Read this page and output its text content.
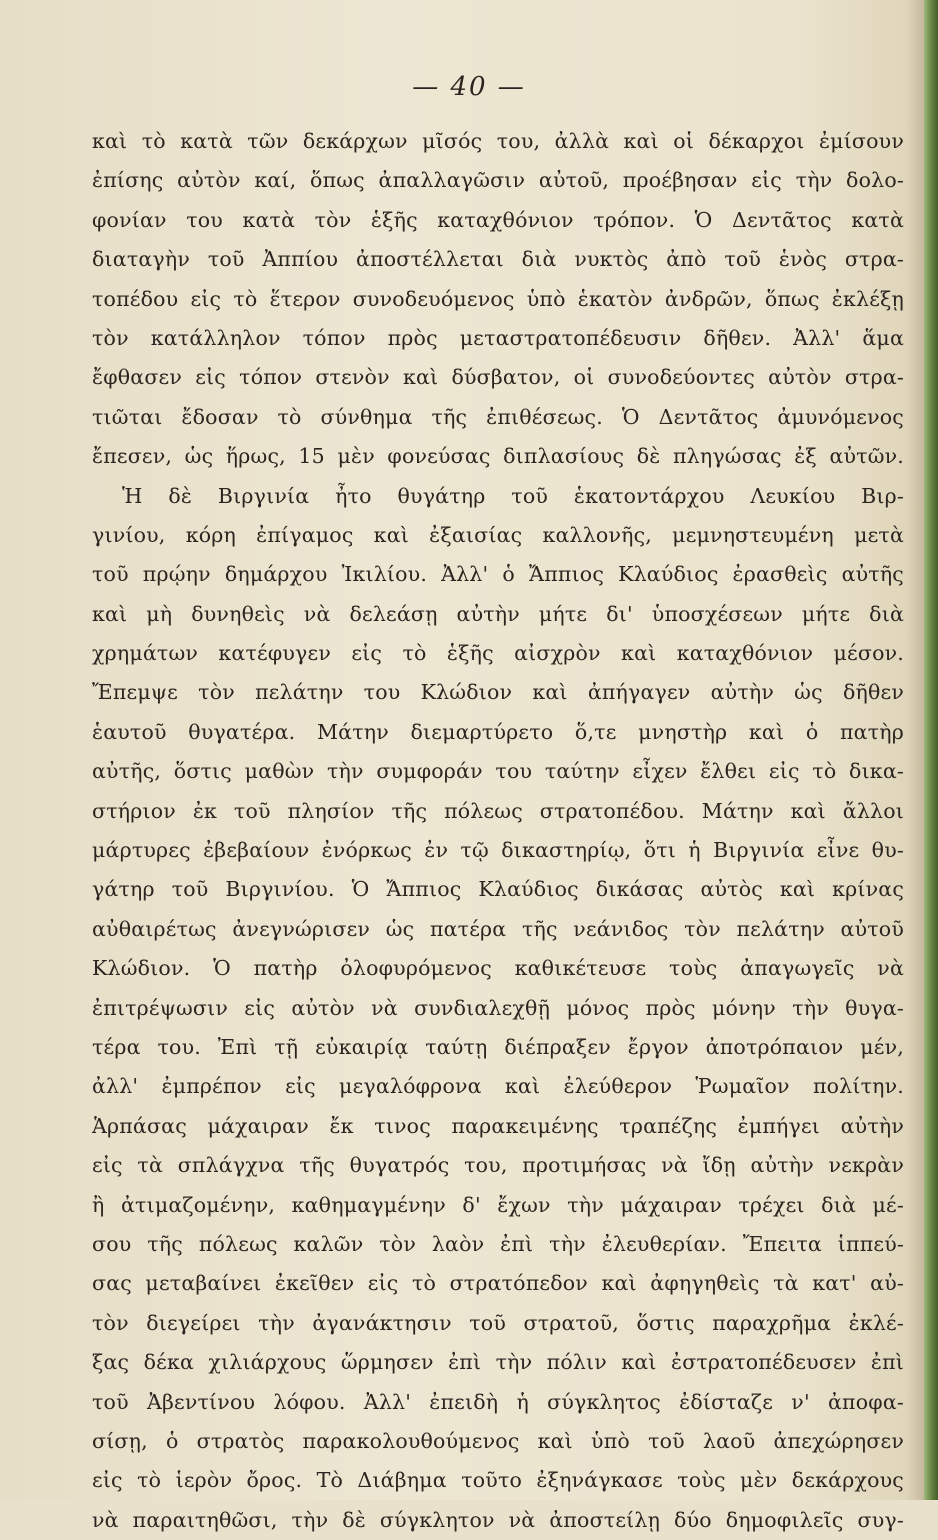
— 40 —
καὶ τὸ κατὰ τῶν δεκάρχων μῖσός του, ἀλλὰ καὶ οἱ δέκαρχοι ἐμίσουν
ἐπίσης αὐτὸν καί, ὅπως ἀπαλλαγῶσιν αὐτοῦ, προέβησαν εἰς τὴν δολο-
φονίαν του κατὰ τὸν ἑξῆς καταχθόνιον τρόπον. Ὁ Δεντᾶτος κατὰ
διαταγὴν τοῦ Ἀππίου ἀποστέλλεται διὰ νυκτὸς ἀπὸ τοῦ ἑνὸς στρα-
τοπέδου εἰς τὸ ἕτερον συνοδευόμενος ὑπὸ ἑκατὸν ἀνδρῶν, ὅπως ἐκλέξῃ
τὸν κατάλληλον τόπον πρὸς μεταστρατοπέδευσιν δῆθεν. Ἀλλ' ἅμα
ἔφθασεν εἰς τόπον στενὸν καὶ δύσβατον, οἱ συνοδεύοντες αὐτὸν στρα-
τιῶται ἔδοσαν τὸ σύνθημα τῆς ἐπιθέσεως. Ὁ Δεντᾶτος ἀμυνόμενος
ἔπεσεν, ὡς ἥρως, 15 μὲν φονεύσας διπλασίους δὲ πληγώσας ἐξ αὐτῶν.
Ἡ δὲ Βιργινία ἦτο θυγάτηρ τοῦ ἑκατοντάρχου Λευκίου Βιρ-
γινίου, κόρη ἐπίγαμος καὶ ἐξαισίας καλλονῆς, μεμνηστευμένη μετὰ
τοῦ πρῴην δημάρχου Ἰκιλίου. Ἀλλ' ὁ Ἄππιος Κλαύδιος ἐρασθεὶς αὐτῆς
καὶ μὴ δυνηθεὶς νὰ δελεάσῃ αὐτὴν μήτε δι' ὑποσχέσεων μήτε διὰ
χρημάτων κατέφυγεν εἰς τὸ ἑξῆς αἰσχρὸν καὶ καταχθόνιον μέσον.
Ἔπεμψε τὸν πελάτην του Κλώδιον καὶ ἀπήγαγεν αὐτὴν ὡς δῆθεν
ἑαυτοῦ θυγατέρα. Μάτην διεμαρτύρετο ὅ,τε μνηστὴρ καὶ ὁ πατὴρ
αὐτῆς, ὅστις μαθὼν τὴν συμφοράν του ταύτην εἶχεν ἔλθει εἰς τὸ δικα-
στήριον ἐκ τοῦ πλησίον τῆς πόλεως στρατοπέδου. Μάτην καὶ ἄλλοι
μάρτυρες ἐβεβαίουν ἐνόρκως ἐν τῷ δικαστηρίῳ, ὅτι ἡ Βιργινία εἶνε θυ-
γάτηρ τοῦ Βιργινίου. Ὁ Ἄππιος Κλαύδιος δικάσας αὐτὸς καὶ κρίνας
αὐθαιρέτως ἀνεγνώρισεν ὡς πατέρα τῆς νεάνιδος τὸν πελάτην αὐτοῦ
Κλώδιον. Ὁ πατὴρ ὀλοφυρόμενος καθικέτευσε τοὺς ἀπαγωγεῖς νὰ
ἐπιτρέψωσιν εἰς αὐτὸν νὰ συνδιαλεχθῇ μόνος πρὸς μόνην τὴν θυγα-
τέρα του. Ἐπὶ τῇ εὐκαιρίᾳ ταύτῃ διέπραξεν ἔργον ἀποτρόπαιον μέν,
ἀλλ' ἐμπρέπον εἰς μεγαλόφρονα καὶ ἐλεύθερον Ῥωμαῖον πολίτην.
Ἁρπάσας μάχαιραν ἔκ τινος παρακειμένης τραπέζης ἐμπήγει αὐτὴν
εἰς τὰ σπλάγχνα τῆς θυγατρός του, προτιμήσας νὰ ἴδῃ αὐτὴν νεκρὰν
ἢ ἀτιμαζομένην, καθημαγμένην δ' ἔχων τὴν μάχαιραν τρέχει διὰ μέ-
σου τῆς πόλεως καλῶν τὸν λαὸν ἐπὶ τὴν ἐλευθερίαν. Ἔπειτα ἱππεύ-
σας μεταβαίνει ἐκεῖθεν εἰς τὸ στρατόπεδον καὶ ἀφηγηθεὶς τὰ κατ' αὐ-
τὸν διεγείρει τὴν ἀγανάκτησιν τοῦ στρατοῦ, ὅστις παραχρῆμα ἐκλέ-
ξας δέκα χιλιάρχους ὥρμησεν ἐπὶ τὴν πόλιν καὶ ἐστρατοπέδευσεν ἐπὶ
τοῦ Ἀβεντίνου λόφου. Ἀλλ' ἐπειδὴ ἡ σύγκλητος ἐδίσταζε ν' ἀποφα-
σίσῃ, ὁ στρατὸς παρακολουθούμενος καὶ ὑπὸ τοῦ λαοῦ ἀπεχώρησεν
εἰς τὸ ἱερὸν ὄρος. Τὸ Διάβημα τοῦτο ἐξηνάγκασε τοὺς μὲν δεκάρχους
νὰ παραιτηθῶσι, τὴν δὲ σύγκλητον νὰ ἀποστείλῃ δύο δημοφιλεῖς συγ-
